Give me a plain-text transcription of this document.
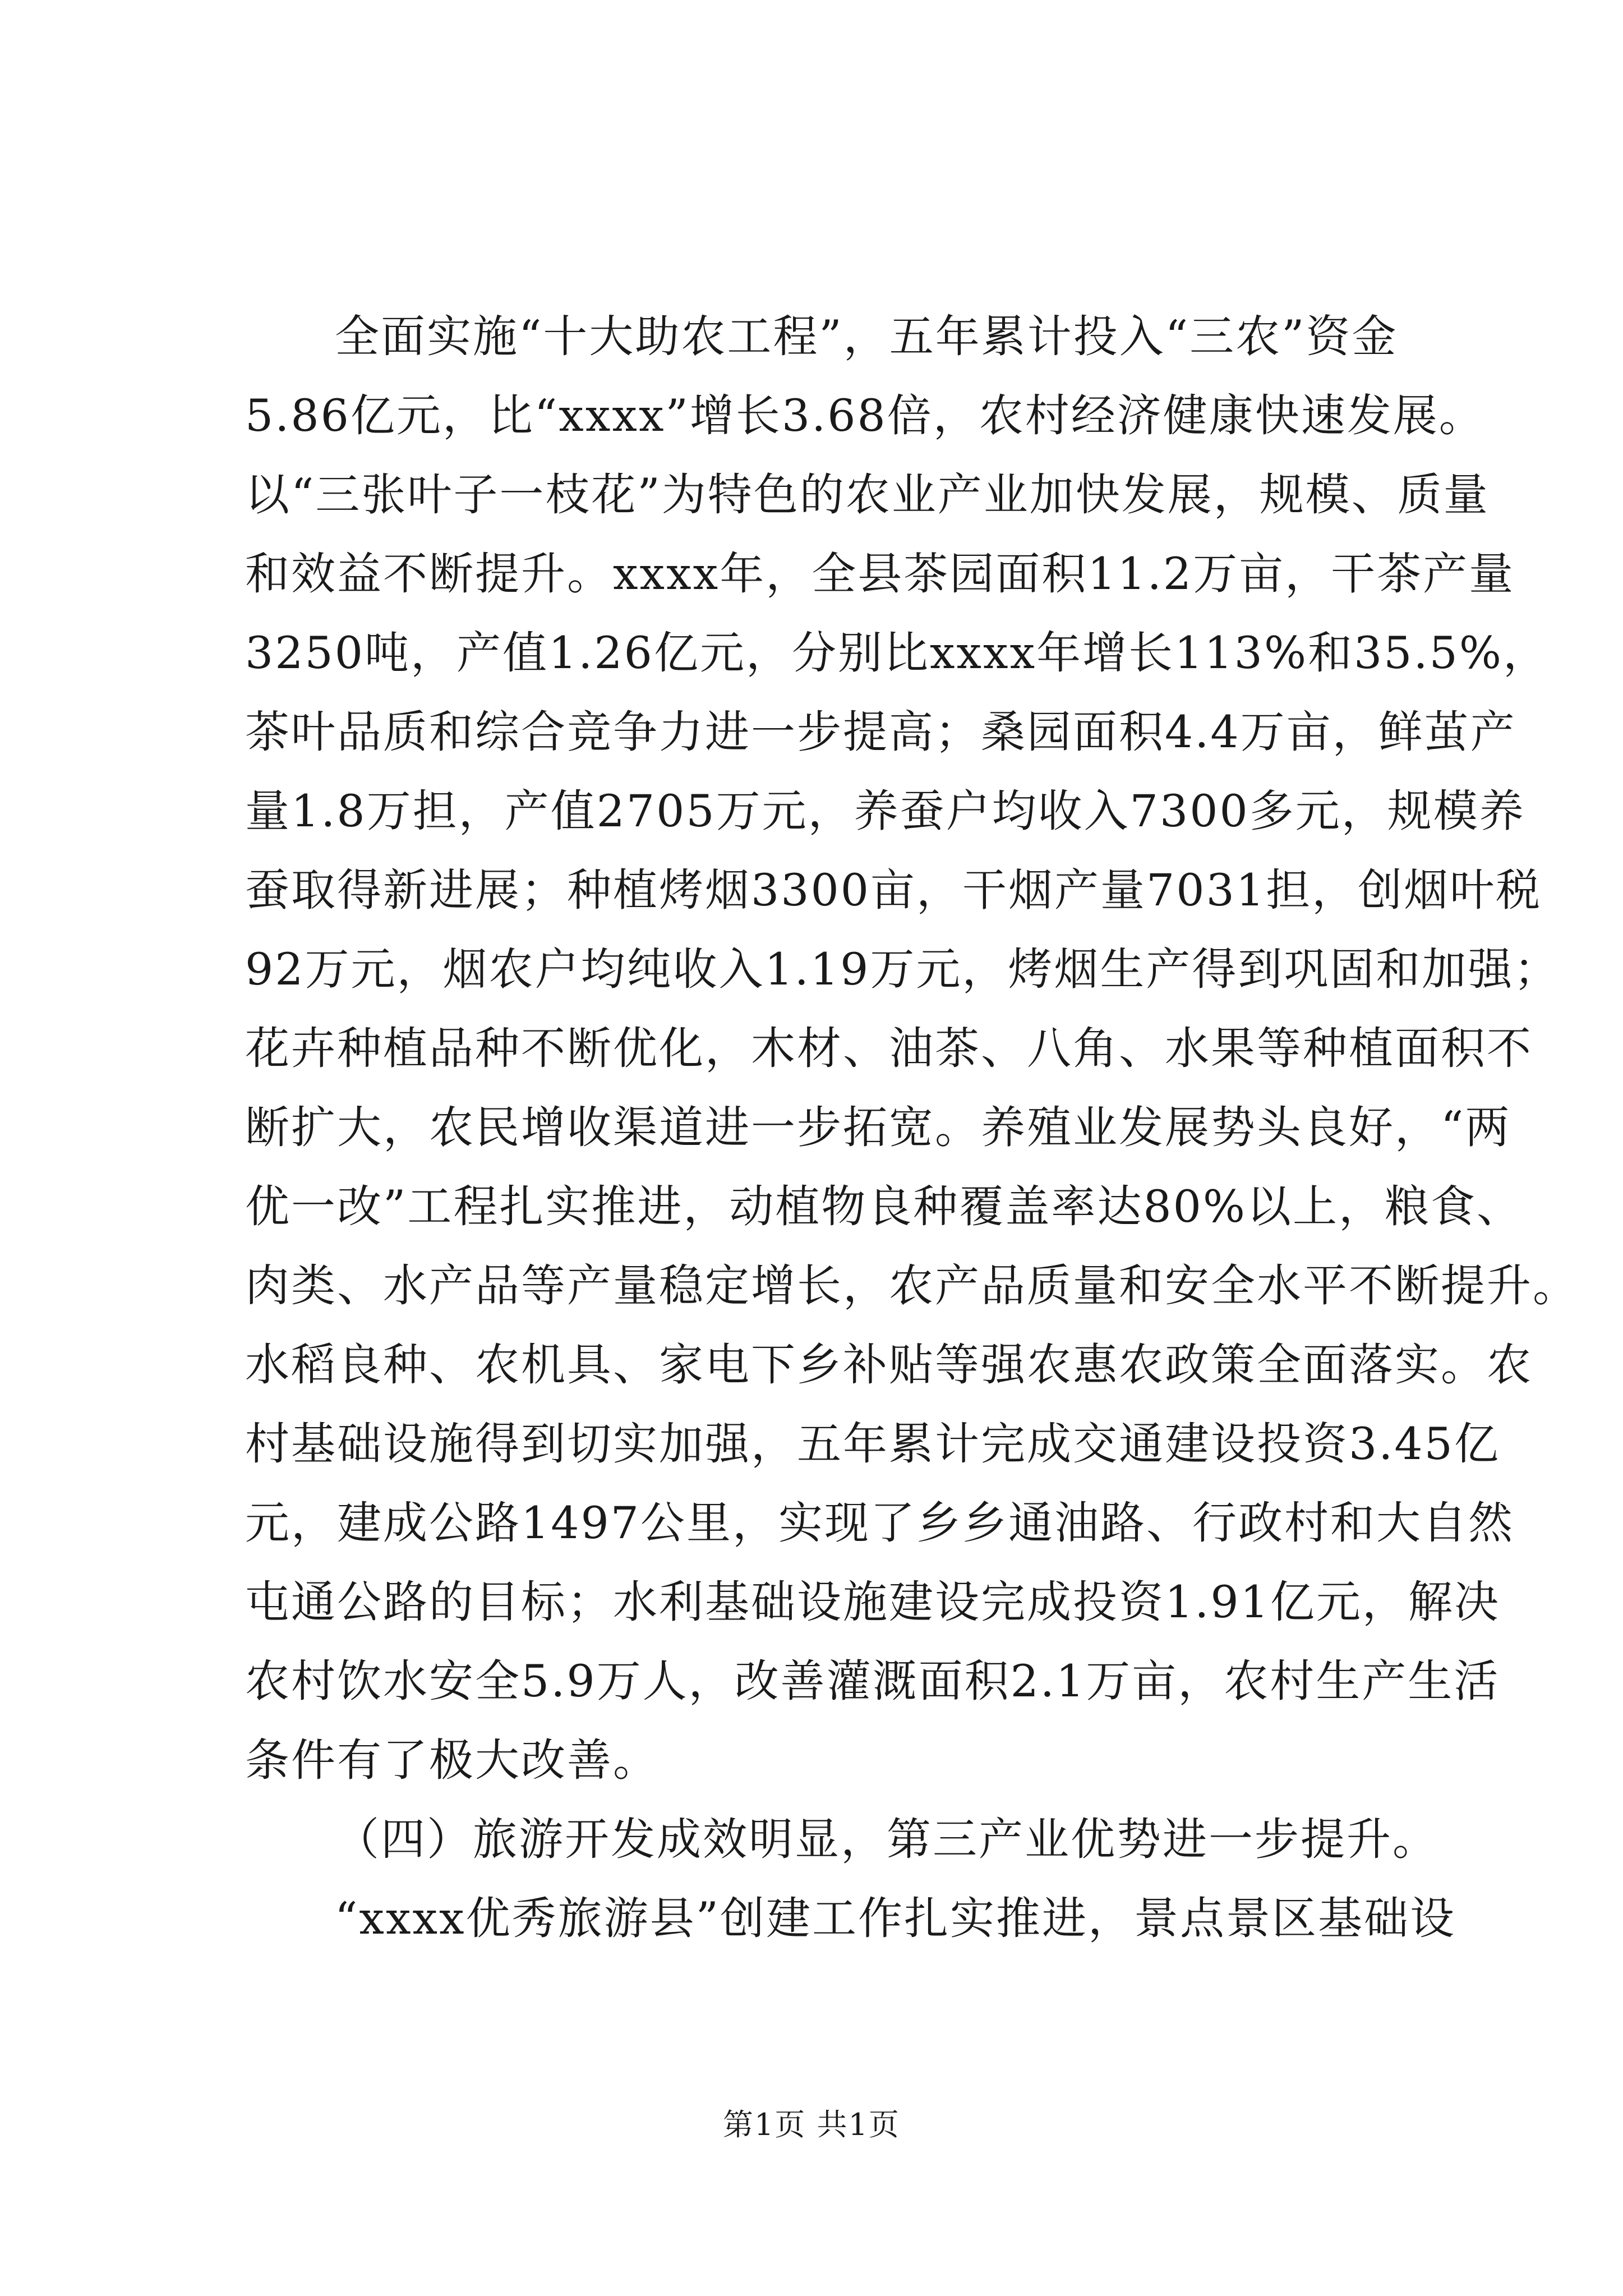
全面实施“十大助农工程”，五年累计投入“三农”资金
5.86亿元，比“xxxx”增长3.68倍，农村经济健康快速发展。
以“三张叶子一枝花”为特色的农业产业加快发展，规模、质量
和效益不断提升。xxxx年，全县茶园面积11.2万亩，干茶产量
3250吨，产值1.26亿元，分别比xxxx年增长113%和35.5%，
茶叶品质和综合竞争力进一步提高；桑园面积4.4万亩，鲜茧产
量1.8万担，产值2705万元，养蚕户均收入7300多元，规模养
蚕取得新进展；种植烤烟3300亩，干烟产量7031担，创烟叶税
92万元，烟农户均纯收入1.19万元，烤烟生产得到巩固和加强；
花卉种植品种不断优化，木材、油茶、八角、水果等种植面积不
断扩大，农民增收渠道进一步拓宽。养殖业发展势头良好，“两
优一改”工程扎实推进，动植物良种覆盖率达80%以上，粮食、
肉类、水产品等产量稳定增长，农产品质量和安全水平不断提升。
水稻良种、农机具、家电下乡补贴等强农惠农政策全面落实。农
村基础设施得到切实加强，五年累计完成交通建设投资3.45亿
元，建成公路1497公里，实现了乡乡通油路、行政村和大自然
屯通公路的目标；水利基础设施建设完成投资1.91亿元，解决
农村饮水安全5.9万人，改善灌溉面积2.1万亩，农村生产生活
条件有了极大改善。
（四）旅游开发成效明显，第三产业优势进一步提升。
“xxxx优秀旅游县”创建工作扎实推进，景点景区基础设
第1页 共1页
